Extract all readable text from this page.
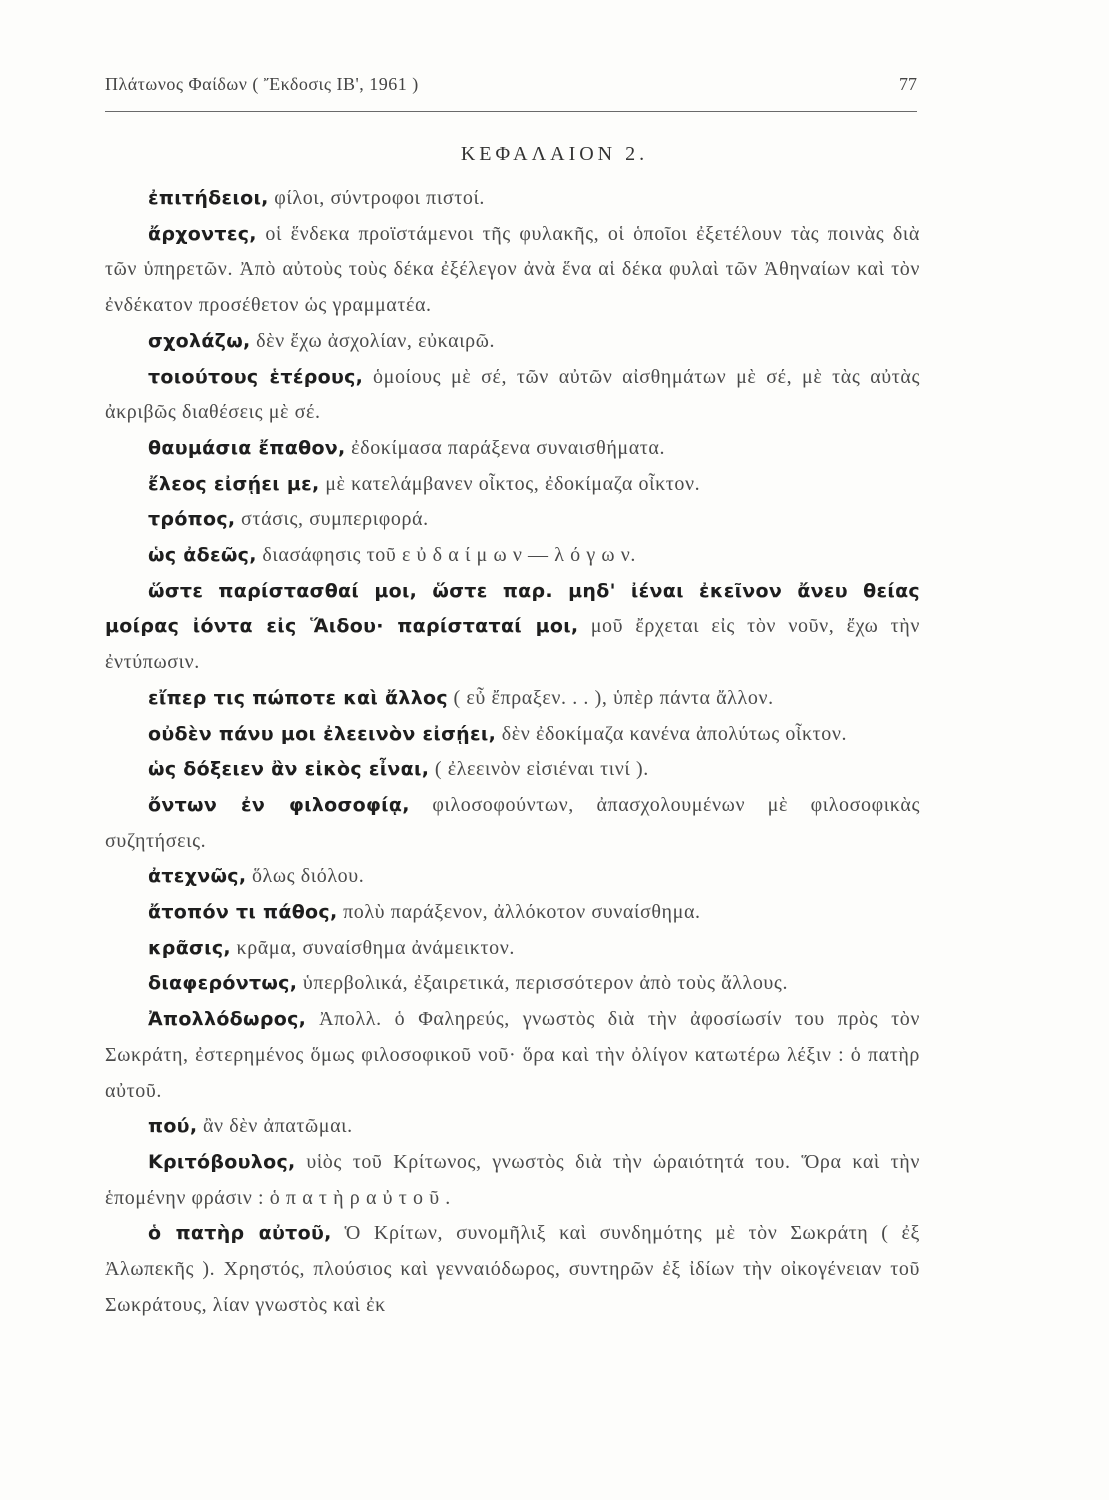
Πλάτωνος Φαίδων ( Ἔκδοσις ΙΒ', 1961 )	77
ΚΕΦΑΛΑΙΟΝ 2.

ἐπιτήδειοι, φίλοι, σύντροφοι πιστοί.

ἄρχοντες, οἱ ἕνδεκα προϊστάμενοι τῆς φυλακῆς, οἱ ὁποῖοι ἐξετέλουν τὰς ποινὰς διὰ τῶν ὑπηρετῶν. Ἀπὸ αὐτοὺς τοὺς δέκα ἐξέλεγον ἀνὰ ἕνα αἱ δέκα φυλαὶ τῶν Ἀθηναίων καὶ τὸν ἐνδέκατον προσέθετον ὡς γραμματέα.

σχολάζω, δὲν ἔχω ἀσχολίαν, εὐκαιρῶ.

τοιούτους ἑτέρους, ὁμοίους μὲ σέ, τῶν αὐτῶν αἰσθημάτων μὲ σέ, μὲ τὰς αὐτὰς ἀκριβῶς διαθέσεις μὲ σέ.

θαυμάσια ἔπαθον, ἐδοκίμασα παράξενα συναισθήματα.

ἔλεος εἰσῄει με, μὲ κατελάμβανεν οἶκτος, ἐδοκίμαζα οἶκτον.

τρόπος, στάσις, συμπεριφορά.

ὡς ἀδεῶς, διασάφησις τοῦ ε ὐ δ α ί μ ω ν — λ ό γ ω ν.

ὥστε παρίστασθαί μοι, ὥστε παρ. μηδ' ἰέναι ἐκεῖνον ἄνευ θείας μοίρας ἰόντα εἰς Ἅιδου· παρίσταταί μοι, μοῦ ἔρχεται εἰς τὸν νοῦν, ἔχω τὴν ἐντύπωσιν.

εἴπερ τις πώποτε καὶ ἄλλος ( εὖ ἔπραξεν. . . ), ὑπὲρ πάντα ἄλλον.

οὐδὲν πάνυ μοι ἐλεεινὸν εἰσῄει, δὲν ἐδοκίμαζα κανένα ἀπολύτως οἶκτον.

ὡς δόξειεν ἂν εἰκὸς εἶναι, ( ἐλεεινὸν εἰσιέναι τινί ).

ὄντων ἐν φιλοσοφίᾳ, φιλοσοφούντων, ἀπασχολουμένων μὲ φιλοσοφικὰς συζητήσεις.

ἀτεχνῶς, ὅλως διόλου.

ἄτοπόν τι πάθος, πολὺ παράξενον, ἀλλόκοτον συναίσθημα.

κρᾶσις, κρᾶμα, συναίσθημα ἀνάμεικτον.

διαφερόντως, ὑπερβολικά, ἐξαιρετικά, περισσότερον ἀπὸ τοὺς ἄλλους.

Ἀπολλόδωρος, Ἀπολλ. ὁ Φαληρεύς, γνωστὸς διὰ τὴν ἀφοσίωσίν του πρὸς τὸν Σωκράτη, ἐστερημένος ὅμως φιλοσοφικοῦ νοῦ· ὅρα καὶ τὴν ὀλίγον κατωτέρω λέξιν : ὁ πατὴρ αὐτοῦ.

πού, ἂν δὲν ἀπατῶμαι.

Κριτόβουλος, υἱὸς τοῦ Κρίτωνος, γνωστὸς διὰ τὴν ὡραιότητά του. Ὅρα καὶ τὴν ἑπομένην φράσιν : ὁ π α τ ὴ ρ α ὐ τ ο ῦ .

ὁ πατὴρ αὐτοῦ, Ὁ Κρίτων, συνομῆλιξ καὶ συνδημότης μὲ τὸν Σωκράτη ( ἐξ Ἀλωπεκῆς ). Χρηστός, πλούσιος καὶ γενναιόδωρος, συντηρῶν ἐξ ἰδίων τὴν οἰκογένειαν τοῦ Σωκράτους, λίαν γνωστὸς καὶ ἐκ
